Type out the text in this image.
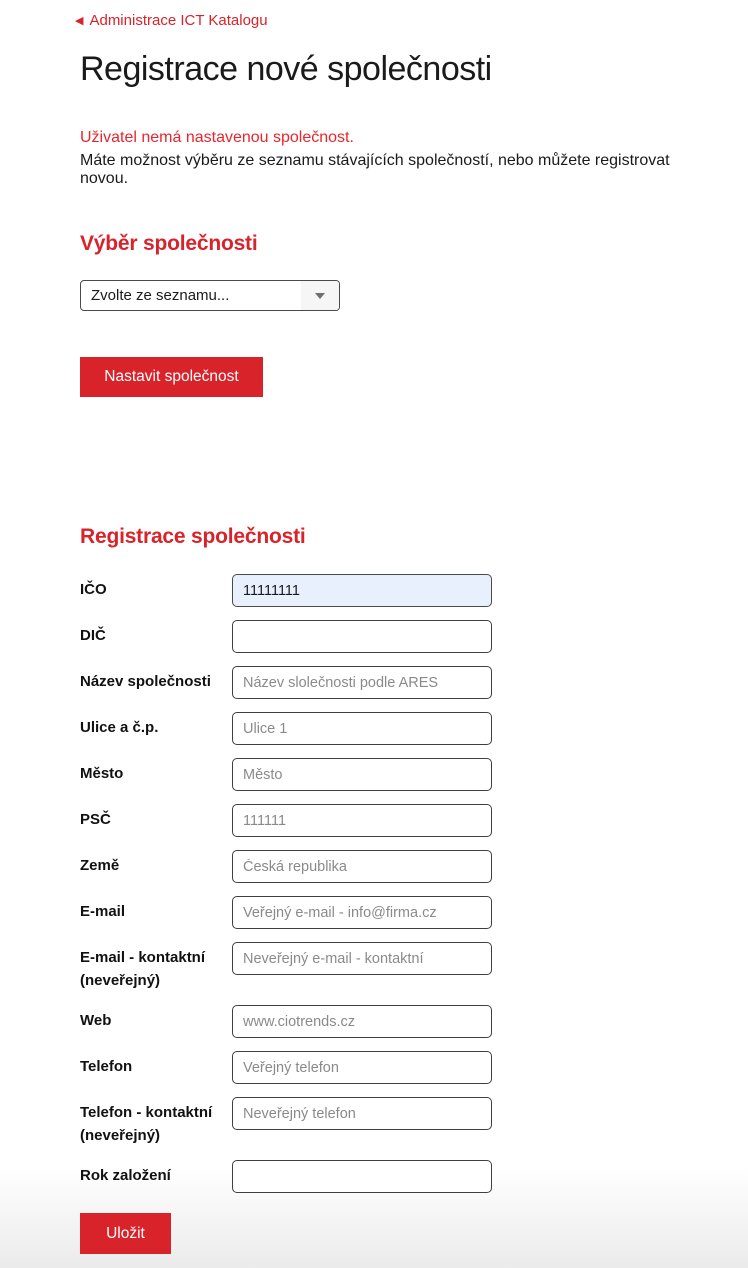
◀ Administrace ICT Katalogu
Registrace nové společnosti
Uživatel nemá nastavenou společnost.
Máte možnost výběru ze seznamu stávajících společností, nebo můžete registrovat novou.
Výběr společnosti
Zvolte ze seznamu...
Nastavit společnost
Registrace společnosti
IČO
11111111
DIČ
Název společnosti
Název slolečnosti podle ARES
Ulice a č.p.
Ulice 1
Město
Město
PSČ
111111
Země
Česká republika
E-mail
Veřejný e-mail - info@firma.cz
E-mail - kontaktní (neveřejný)
Neveřejný e-mail - kontaktní
Web
www.ciotrends.cz
Telefon
Veřejný telefon
Telefon - kontaktní (neveřejný)
Neveřejný telefon
Rok založení
Uložit
